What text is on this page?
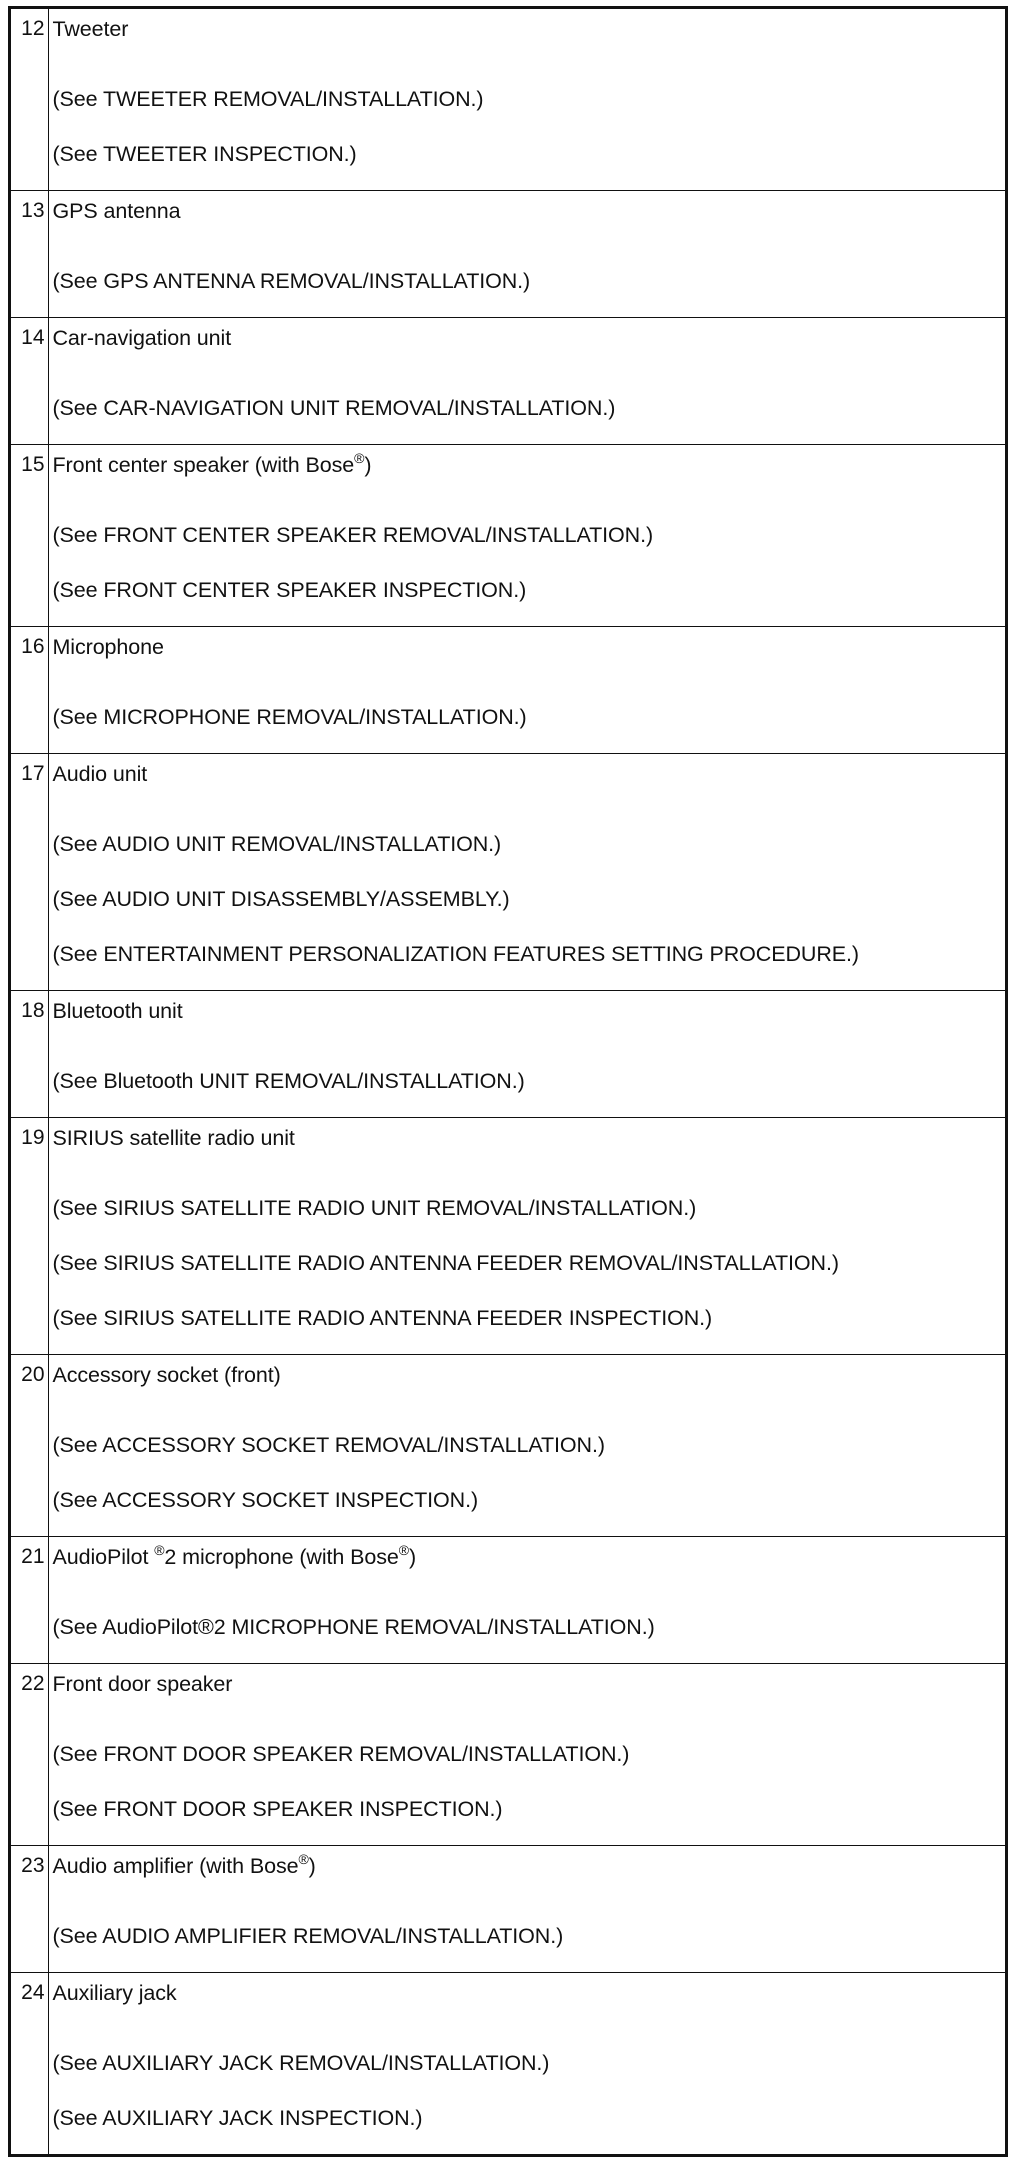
12	Tweeter
(See TWEETER REMOVAL/INSTALLATION.)
(See TWEETER INSPECTION.)

13	GPS antenna
(See GPS ANTENNA REMOVAL/INSTALLATION.)

14	Car-navigation unit
(See CAR-NAVIGATION UNIT REMOVAL/INSTALLATION.)

15	Front center speaker (with Bose®)
(See FRONT CENTER SPEAKER REMOVAL/INSTALLATION.)
(See FRONT CENTER SPEAKER INSPECTION.)

16	Microphone
(See MICROPHONE REMOVAL/INSTALLATION.)

17	Audio unit
(See AUDIO UNIT REMOVAL/INSTALLATION.)
(See AUDIO UNIT DISASSEMBLY/ASSEMBLY.)
(See ENTERTAINMENT PERSONALIZATION FEATURES SETTING PROCEDURE.)

18	Bluetooth unit
(See Bluetooth UNIT REMOVAL/INSTALLATION.)

19	SIRIUS satellite radio unit
(See SIRIUS SATELLITE RADIO UNIT REMOVAL/INSTALLATION.)
(See SIRIUS SATELLITE RADIO ANTENNA FEEDER REMOVAL/INSTALLATION.)
(See SIRIUS SATELLITE RADIO ANTENNA FEEDER INSPECTION.)

20	Accessory socket (front)
(See ACCESSORY SOCKET REMOVAL/INSTALLATION.)
(See ACCESSORY SOCKET INSPECTION.)

21	AudioPilot ®2 microphone (with Bose®)
(See AudioPilot®2 MICROPHONE REMOVAL/INSTALLATION.)

22	Front door speaker
(See FRONT DOOR SPEAKER REMOVAL/INSTALLATION.)
(See FRONT DOOR SPEAKER INSPECTION.)

23	Audio amplifier (with Bose®)
(See AUDIO AMPLIFIER REMOVAL/INSTALLATION.)

24	Auxiliary jack
(See AUXILIARY JACK REMOVAL/INSTALLATION.)
(See AUXILIARY JACK INSPECTION.)
